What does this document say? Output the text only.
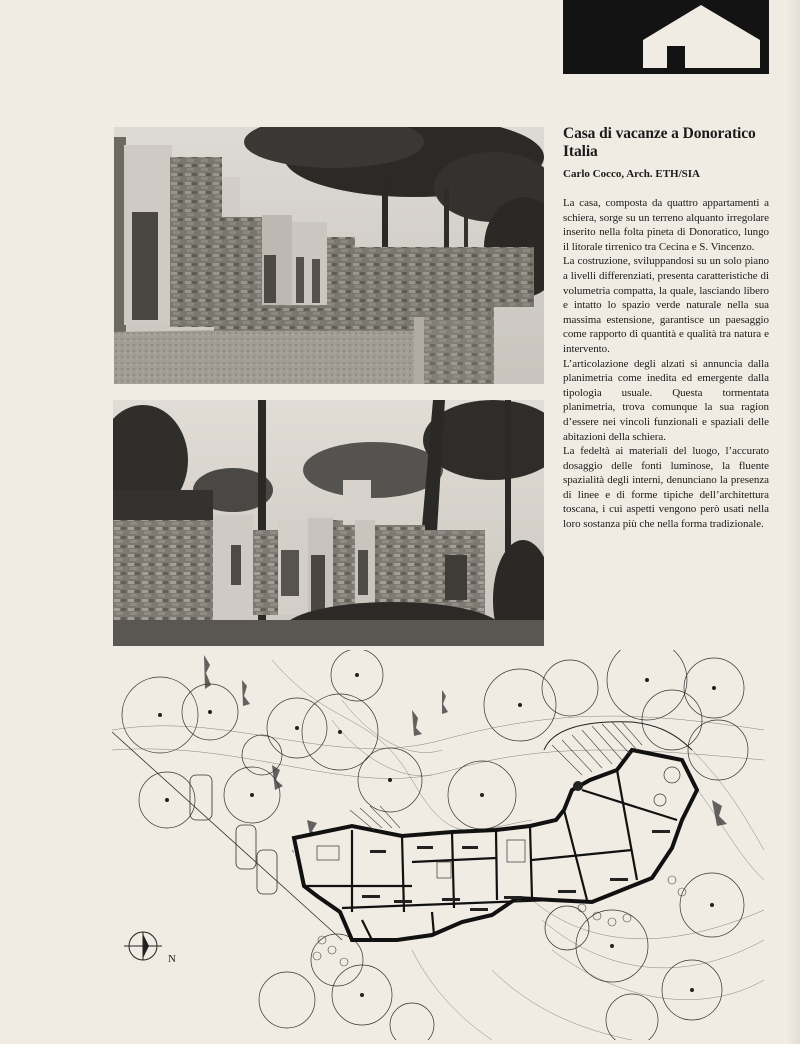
Casa di vacanze a Donoratico Italia

Carlo Cocco, Arch. ETH/SIA

La casa, composta da quattro appartamenti a schiera, sorge su un terreno alquanto irregolare inserito nella folta pineta di Donoratico, lungo il litorale tirrenico tra Cecina e S. Vincenzo.

La costruzione, sviluppandosi su un solo piano a livelli differenziati, presenta caratteristiche di volumetria compatta, la quale, lasciando libero e intatto lo spazio verde naturale nella sua massima estensione, garantisce un paesaggio come rapporto di quantità e qualità tra natura e intervento.

L’articolazione degli alzati si annuncia dalla planimetria come inedita ed emergente dalla tipologia usuale. Questa tormentata planimetria, trova comunque la sua ragion d’essere nei vincoli funzionali e spaziali delle abitazioni della schiera.

La fedeltà ai materiali del luogo, l’accurato dosaggio delle fonti luminose, la fluente spazialità degli interni, denunciano la presenza di linee e di forme tipiche dell’architettura toscana, i cui aspetti vengono però usati nella loro sostanza più che nella forma tradizionale.

N
